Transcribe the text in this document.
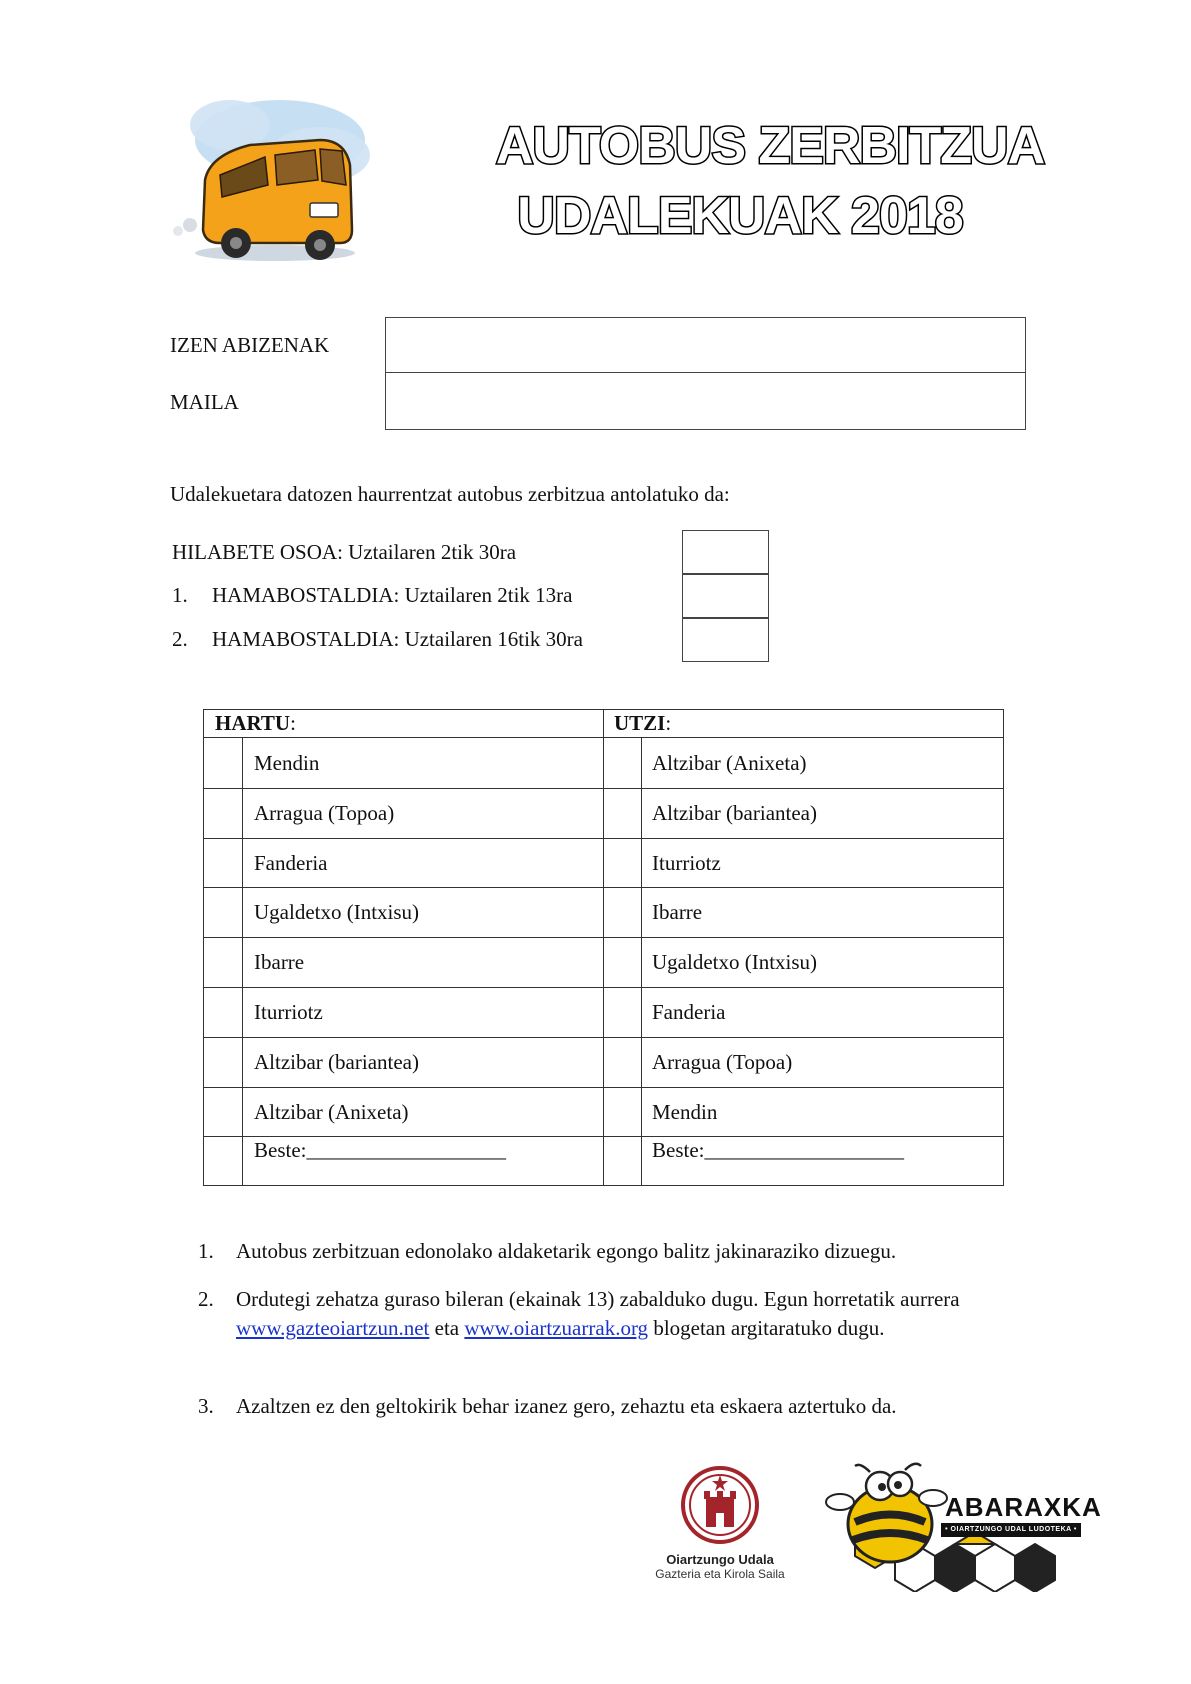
AUTOBUS ZERBITZUA
UDALEKUAK 2018
IZEN ABIZENAK
MAILA
Udalekuetara datozen haurrentzat autobus zerbitzua antolatuko da:
HILABETE OSOA: Uztailaren 2tik 30ra
1. HAMABOSTALDIA: Uztailaren 2tik 13ra
2. HAMABOSTALDIA: Uztailaren 16tik 30ra
HARTU:	UTZI:
Mendin	Altzibar (Anixeta)
Arragua (Topoa)	Altzibar (bariantea)
Fanderia	Iturriotz
Ugaldetxo (Intxisu)	Ibarre
Ibarre	Ugaldetxo (Intxisu)
Iturriotz	Fanderia
Altzibar (bariantea)	Arragua (Topoa)
Altzibar (Anixeta)	Mendin
Beste:___________________	Beste:___________________
1. Autobus zerbitzuan edonolako aldaketarik egongo balitz jakinaraziko dizuegu.
2. Ordutegi zehatza guraso bileran (ekainak 13) zabalduko dugu. Egun horretatik aurrera www.gazteoiartzun.net eta www.oiartzuarrak.org blogetan argitaratuko dugu.
3. Azaltzen ez den geltokirik behar izanez gero, zehaztu eta eskaera aztertuko da.
Oiartzungo Udala
Gazteria eta Kirola Saila
ABARAXKA
• OIARTZUNGO UDAL LUDOTEKA •
